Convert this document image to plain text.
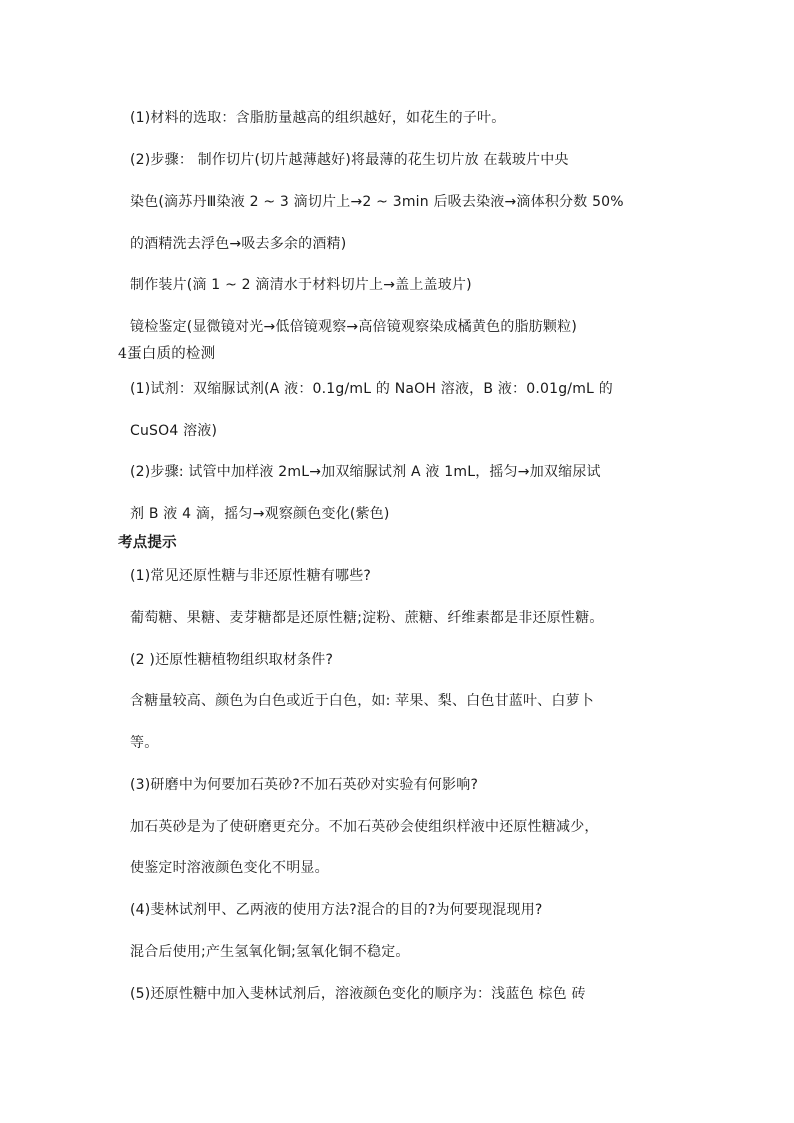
(1)材料的选取：含脂肪量越高的组织越好，如花生的子叶。
(2)步骤： 制作切片(切片越薄越好)将最薄的花生切片放 在载玻片中央
染色(滴苏丹Ⅲ染液 2 ~ 3 滴切片上→2 ~ 3min 后吸去染液→滴体积分数 50%
的酒精洗去浮色→吸去多余的酒精)
制作装片(滴 1 ~ 2 滴清水于材料切片上→盖上盖玻片)
镜检鉴定(显微镜对光→低倍镜观察→高倍镜观察染成橘黄色的脂肪颗粒)
4蛋白质的检测
(1)试剂：双缩脲试剂(A 液：0.1g/mL 的 NaOH 溶液，B 液：0.01g/mL 的
CuSO4 溶液)
(2)步骤: 试管中加样液 2mL→加双缩脲试剂 A 液 1mL，摇匀→加双缩尿试
剂 B 液 4 滴，摇匀→观察颜色变化(紫色)
考点提示
(1)常见还原性糖与非还原性糖有哪些?
葡萄糖、果糖、麦芽糖都是还原性糖;淀粉、蔗糖、纤维素都是非还原性糖。
(2 )还原性糖植物组织取材条件?
含糖量较高、颜色为白色或近于白色，如: 苹果、梨、白色甘蓝叶、白萝卜
等。
(3)研磨中为何要加石英砂?不加石英砂对实验有何影响?
加石英砂是为了使研磨更充分。不加石英砂会使组织样液中还原性糖减少，
使鉴定时溶液颜色变化不明显。
(4)斐林试剂甲、乙两液的使用方法?混合的目的?为何要现混现用?
混合后使用;产生氢氧化铜;氢氧化铜不稳定。
(5)还原性糖中加入斐林试剂后，溶液颜色变化的顺序为：浅蓝色 棕色 砖
